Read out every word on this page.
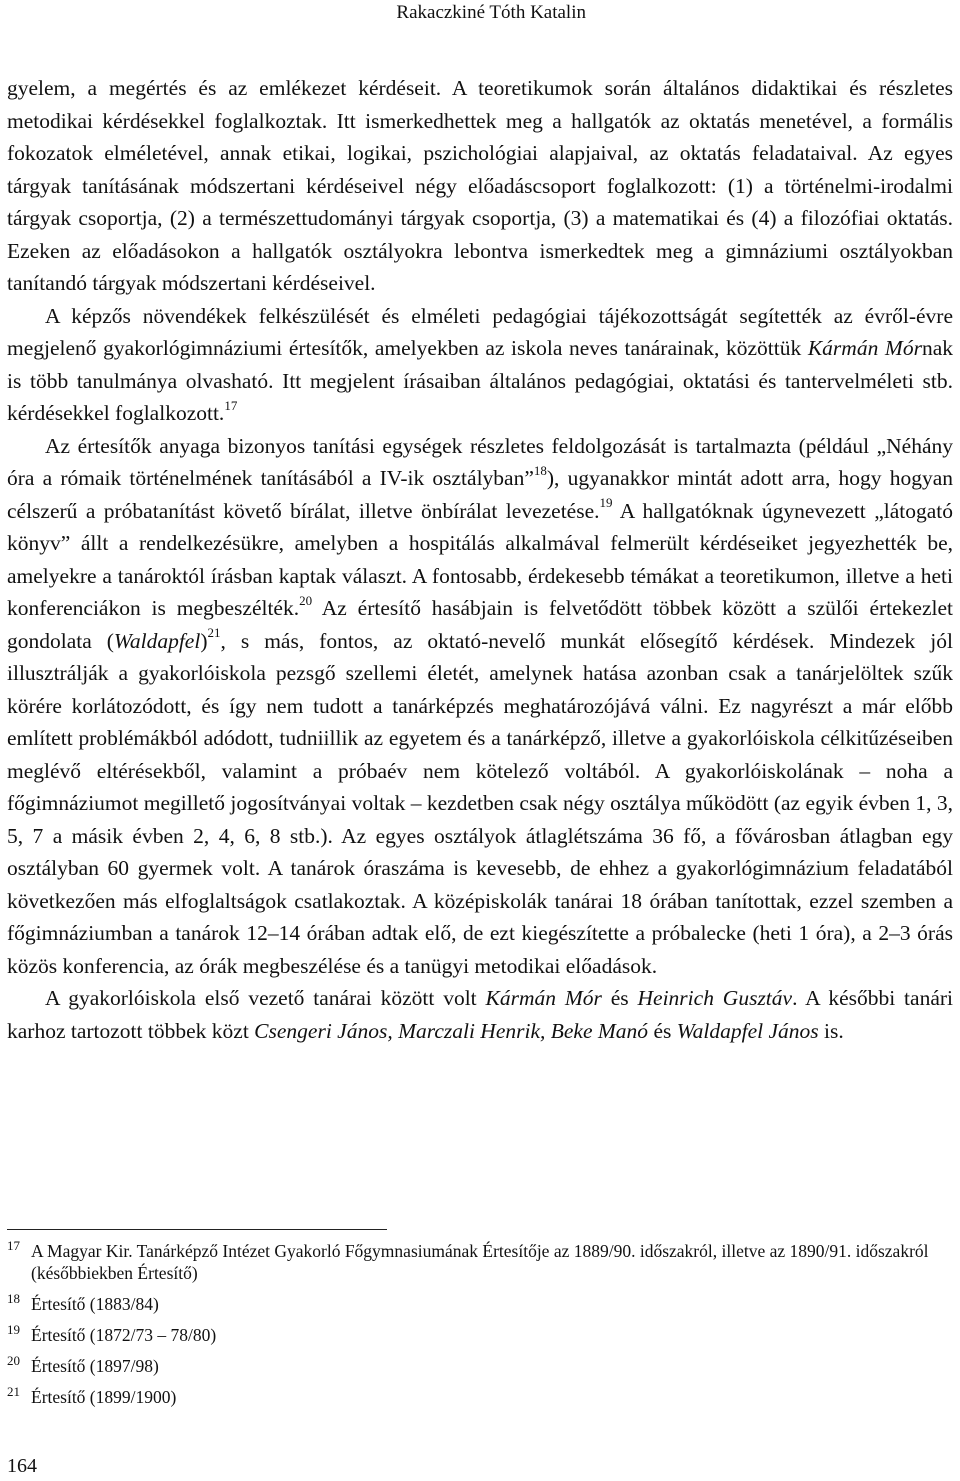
Rakaczkiné Tóth Katalin

gyelem, a megértés és az emlékezet kérdéseit. A teoretikumok során általános didaktikai és részletes metodikai kérdésekkel foglalkoztak. Itt ismerkedhettek meg a hallgatók az oktatás menetével, a formális fokozatok elméletével, annak etikai, logikai, pszichológiai alapjaival, az oktatás feladataival. Az egyes tárgyak tanításának módszertani kérdéseivel négy előadáscsoport foglalkozott: (1) a történelmi-irodalmi tárgyak csoportja, (2) a természettudományi tárgyak csoportja, (3) a matematikai és (4) a filozófiai oktatás. Ezeken az előadásokon a hallgatók osztályokra lebontva ismerkedtek meg a gimnáziumi osztályokban tanítandó tárgyak módszertani kérdéseivel.

A képzős növendékek felkészülését és elméleti pedagógiai tájékozottságát segítették az évről-évre megjelenő gyakorlógimnáziumi értesítők, amelyekben az iskola neves tanárainak, közöttük Kármán Mórnak is több tanulmánya olvasható. Itt megjelent írásaiban általános pedagógiai, oktatási és tantervelméleti stb. kérdésekkel foglalkozott.$^{17}$

Az értesítők anyaga bizonyos tanítási egységek részletes feldolgozását is tartalmazta (például „Néhány óra a rómaik történelmének tanításából a IV-ik osztályban”$^{18}$), ugyanakkor mintát adott arra, hogy hogyan célszerű a próbatanítást követő bírálat, illetve önbírálat levezetése.$^{19}$ A hallgatóknak úgynevezett „látogató könyv” állt a rendelkezésükre, amelyben a hospitálás alkalmával felmerült kérdéseiket jegyezhették be, amelyekre a tanároktól írásban kaptak választ. A fontosabb, érdekesebb témákat a teoretikumon, illetve a heti konferenciákon is megbeszélték.$^{20}$ Az értesítő hasábjain is felvetődött többek között a szülői értekezlet gondolata (Waldapfel)$^{21}$, s más, fontos, az oktató-nevelő munkát elősegítő kérdések. Mindezek jól illusztrálják a gyakorlóiskola pezsgő szellemi életét, amelynek hatása azonban csak a tanárjelöltek szűk körére korlátozódott, és így nem tudott a tanárképzés meghatározójává válni. Ez nagyrészt a már előbb említett problémákból adódott, tudniillik az egyetem és a tanárképző, illetve a gyakorlóiskola célkitűzéseiben meglévő eltérésekből, valamint a próbaév nem kötelező voltából. A gyakorlóiskolának – noha a főgimnáziumot megillető jogosítványai voltak – kezdetben csak négy osztálya működött (az egyik évben 1, 3, 5, 7 a másik évben 2, 4, 6, 8 stb.). Az egyes osztályok átlaglétszáma 36 fő, a fővárosban átlagban egy osztályban 60 gyermek volt. A tanárok óraszáma is kevesebb, de ehhez a gyakorlógimnázium feladatából következően más elfoglaltságok csatlakoztak. A középiskolák tanárai 18 órában tanítottak, ezzel szemben a főgimnáziumban a tanárok 12–14 órában adtak elő, de ezt kiegészítette a próbalecke (heti 1 óra), a 2–3 órás közös konferencia, az órák megbeszélése és a tanügyi metodikai előadások.

A gyakorlóiskola első vezető tanárai között volt Kármán Mór és Heinrich Gusztáv. A későbbi tanári karhoz tartozott többek közt Csengeri János, Marczali Henrik, Beke Manó és Waldapfel János is.

17 A Magyar Kir. Tanárképző Intézet Gyakorló Főgymnasiumának Értesítője az 1889/90. időszakról, illetve az 1890/91. időszakról (későbbiekben Értesítő)

18 Értesítő (1883/84)

19 Értesítő (1872/73 – 78/80)

20 Értesítő (1897/98)

21 Értesítő (1899/1900)

164
